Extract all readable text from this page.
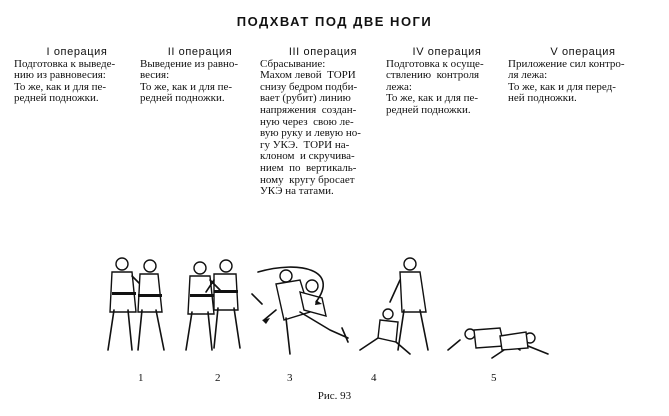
ПОДХВАТ ПОД ДВЕ НОГИ
I операция
Подготовка к выведе-
нию из равновесия:
То же, как и для пе-
редней подножки.
II операция
Выведение из равно-
весия:
То же, как и для пе-
редней подножки.
III операция
Сбрасывание:
Махом левой  ТОРИ
снизу бедром подби-
вает (рубит) линию
напряжения  создан-
ную через  свою ле-
вую руку и левую но-
гу УКЭ.  ТОРИ на-
клоном  и скручива-
нием  по  вертикаль-
ному  кругу бросает
УКЭ на татами.
IV операция
Подготовка к осуще-
ствлению  контроля
лежа:
То же, как и для пе-
редней подножки.
V операция
Приложение сил контро-
ля лежа:
То же, как и для перед-
ней подножки.
1	2	3	4	5
Рис. 93
